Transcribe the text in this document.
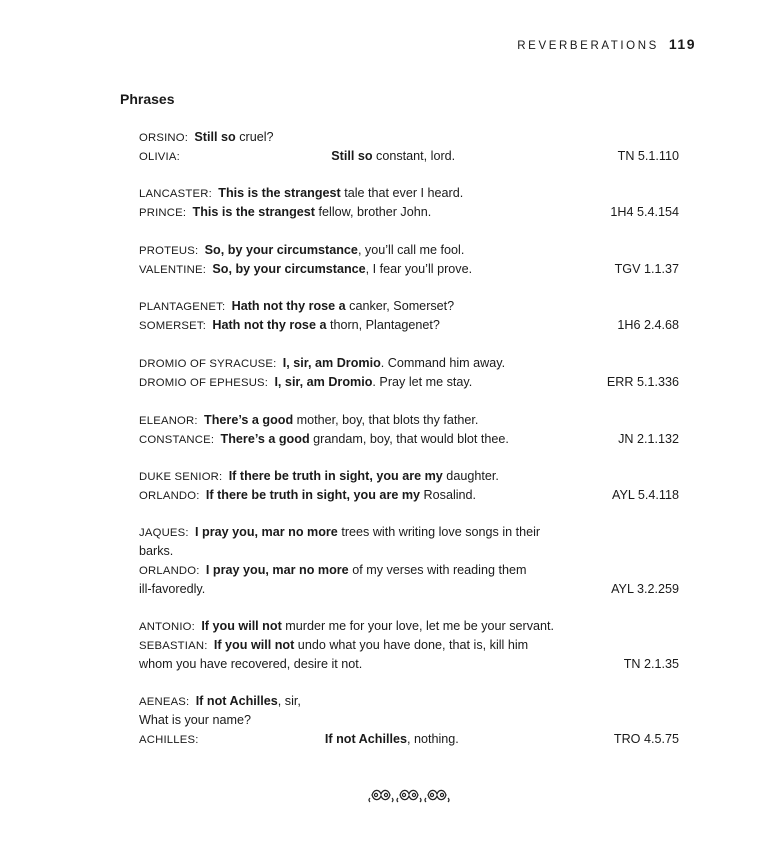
REVERBERATIONS 119
Phrases
ORSINO :  Still so cruel?
OLIVIA : 	Still so constant, lord.
LANCASTER :  This is the strangest tale that ever I heard.
PRINCE :  This is the strangest fellow, brother John.
PROTEUS :  So, by your circumstance, you’ll call me fool.
VALENTINE :  So, by your circumstance, I fear you’ll prove.
PLANTAGENET :  Hath not thy rose a canker, Somerset?
SOMERSET :  Hath not thy rose a thorn, Plantagenet?
DROMIO OF SYRACUSE :  I, sir, am Dromio. Command him away.
DROMIO OF EPHESUS :  I, sir, am Dromio. Pray let me stay.
ELEANOR :  There’s a good mother, boy, that blots thy father.
CONSTANCE :  There’s a good grandam, boy, that would blot thee.
DUKE SENIOR :  If there be truth in sight, you are my daughter.
ORLANDO :  If there be truth in sight, you are my Rosalind.
JAQUES :  I pray you, mar no more trees with writing love songs in their
barks.
ORLANDO :  I pray you, mar no more of my verses with reading them
ill-favoredly.
ANTONIO :  If you will not murder me for your love, let me be your servant.
SEBASTIAN :  If you will not undo what you have done, that is, kill him
whom you have recovered, desire it not.
AENEAS :  If not Achilles, sir,
What is your name?
ACHILLES : 	If not Achilles, nothing.
TN 5.1.110
1H4 5.4.154
TGV 1.1.37
1H6 2.4.68
ERR 5.1.336
JN 2.1.132
AYL 5.4.118
AYL 3.2.259
TN 2.1.35
TRO 4.5.75
